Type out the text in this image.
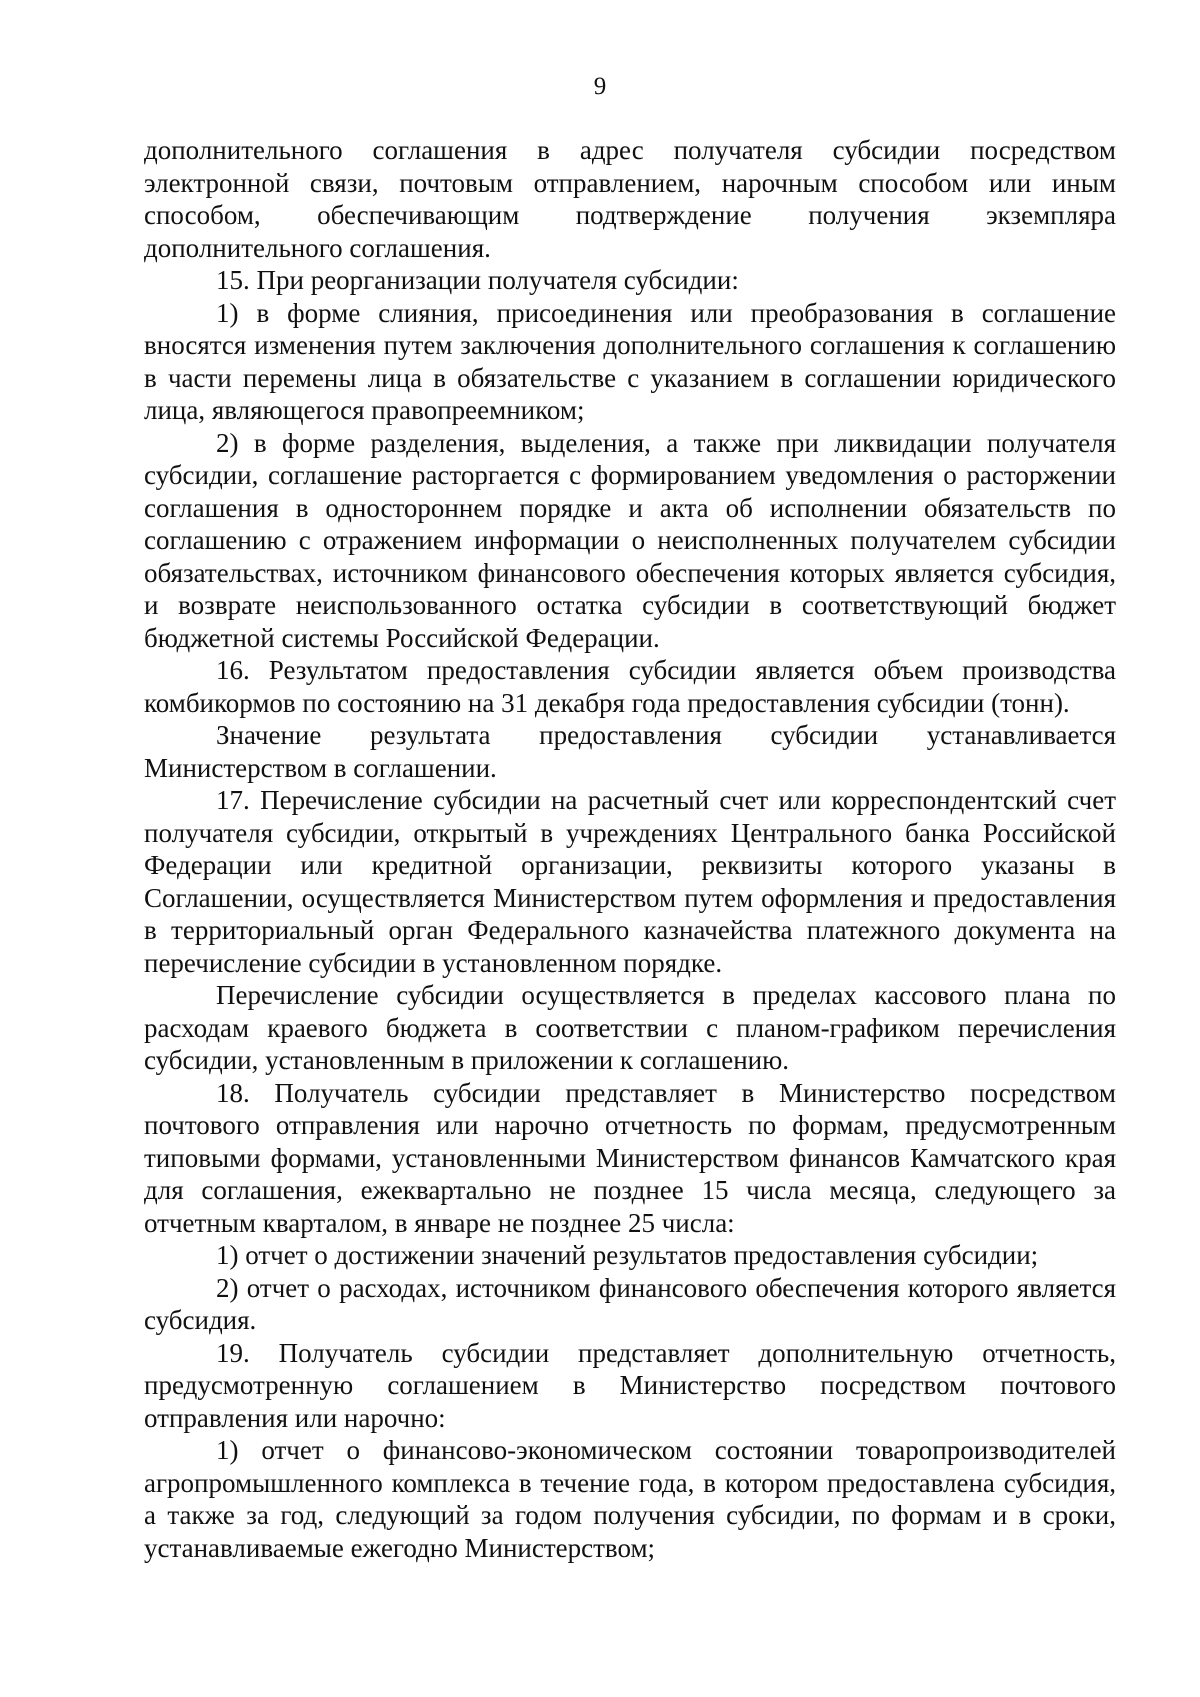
9

дополнительного соглашения в адрес получателя субсидии посредством электронной связи, почтовым отправлением, нарочным способом или иным способом, обеспечивающим подтверждение получения экземпляра дополнительного соглашения.

15. При реорганизации получателя субсидии:

1) в форме слияния, присоединения или преобразования в соглашение вносятся изменения путем заключения дополнительного соглашения к соглашению в части перемены лица в обязательстве с указанием в соглашении юридического лица, являющегося правопреемником;

2) в форме разделения, выделения, а также при ликвидации получателя субсидии, соглашение расторгается с формированием уведомления о расторжении соглашения в одностороннем порядке и акта об исполнении обязательств по соглашению с отражением информации о неисполненных получателем субсидии обязательствах, источником финансового обеспечения которых является субсидия, и возврате неиспользованного остатка субсидии в соответствующий бюджет бюджетной системы Российской Федерации.

16. Результатом предоставления субсидии является объем производства комбикормов по состоянию на 31 декабря года предоставления субсидии (тонн).

Значение результата предоставления субсидии устанавливается Министерством в соглашении.

17. Перечисление субсидии на расчетный счет или корреспондентский счет получателя субсидии, открытый в учреждениях Центрального банка Российской Федерации или кредитной организации, реквизиты которого указаны в Соглашении, осуществляется Министерством путем оформления и предоставления в территориальный орган Федерального казначейства платежного документа на перечисление субсидии в установленном порядке.

Перечисление субсидии осуществляется в пределах кассового плана по расходам краевого бюджета в соответствии с планом-графиком перечисления субсидии, установленным в приложении к соглашению.

18. Получатель субсидии представляет в Министерство посредством почтового отправления или нарочно отчетность по формам, предусмотренным типовыми формами, установленными Министерством финансов Камчатского края для соглашения, ежеквартально не позднее 15 числа месяца, следующего за отчетным кварталом, в январе не позднее 25 числа:

1) отчет о достижении значений результатов предоставления субсидии;

2) отчет о расходах, источником финансового обеспечения которого является субсидия.

19. Получатель субсидии представляет дополнительную отчетность, предусмотренную соглашением в Министерство посредством почтового отправления или нарочно:

1) отчет о финансово-экономическом состоянии товаропроизводителей агропромышленного комплекса в течение года, в котором предоставлена субсидия, а также за год, следующий за годом получения субсидии, по формам и в сроки, устанавливаемые ежегодно Министерством;
